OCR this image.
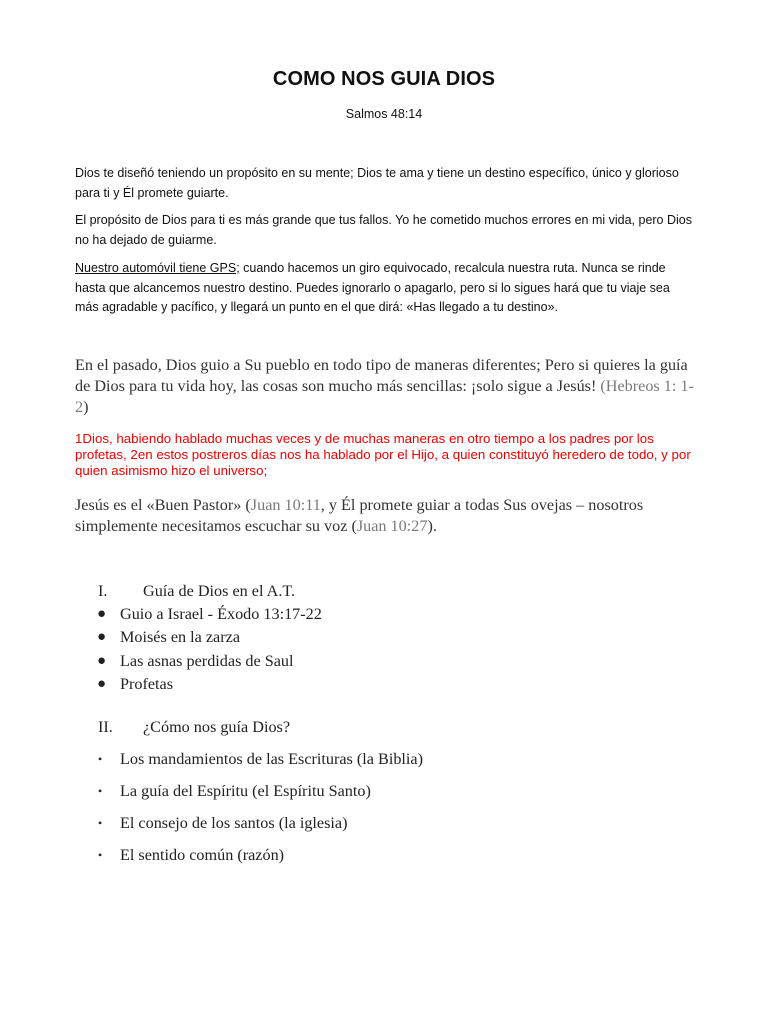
COMO NOS GUIA DIOS
Salmos 48:14
Dios te diseñó teniendo un propósito en su mente; Dios te ama y tiene un destino específico, único y glorioso para ti y Él promete guiarte.
El propósito de Dios para ti es más grande que tus fallos. Yo he cometido muchos errores en mi vida, pero Dios no ha dejado de guiarme.
Nuestro automóvil tiene GPS; cuando hacemos un giro equivocado, recalcula nuestra ruta. Nunca se rinde hasta que alcancemos nuestro destino. Puedes ignorarlo o apagarlo, pero si lo sigues hará que tu viaje sea más agradable y pacífico, y llegará un punto en el que dirá: «Has llegado a tu destino».
En el pasado, Dios guio a Su pueblo en todo tipo de maneras diferentes; Pero si quieres la guía de Dios para tu vida hoy, las cosas son mucho más sencillas: ¡solo sigue a Jesús! (Hebreos 1: 1-2)
1Dios, habiendo hablado muchas veces y de muchas maneras en otro tiempo a los padres por los profetas, 2en estos postreros días nos ha hablado por el Hijo, a quien constituyó heredero de todo, y por quien asimismo hizo el universo;
Jesús es el «Buen Pastor» (Juan 10:11, y Él promete guiar a todas Sus ovejas – nosotros simplemente necesitamos escuchar su voz (Juan 10:27).
I. Guía de Dios en el A.T.
● Guio a Israel - Éxodo 13:17-22
● Moisés en la zarza
● Las asnas perdidas de Saul
● Profetas
II. ¿Cómo nos guía Dios?
• Los mandamientos de las Escrituras (la Biblia)
• La guía del Espíritu (el Espíritu Santo)
• El consejo de los santos (la iglesia)
• El sentido común (razón)
